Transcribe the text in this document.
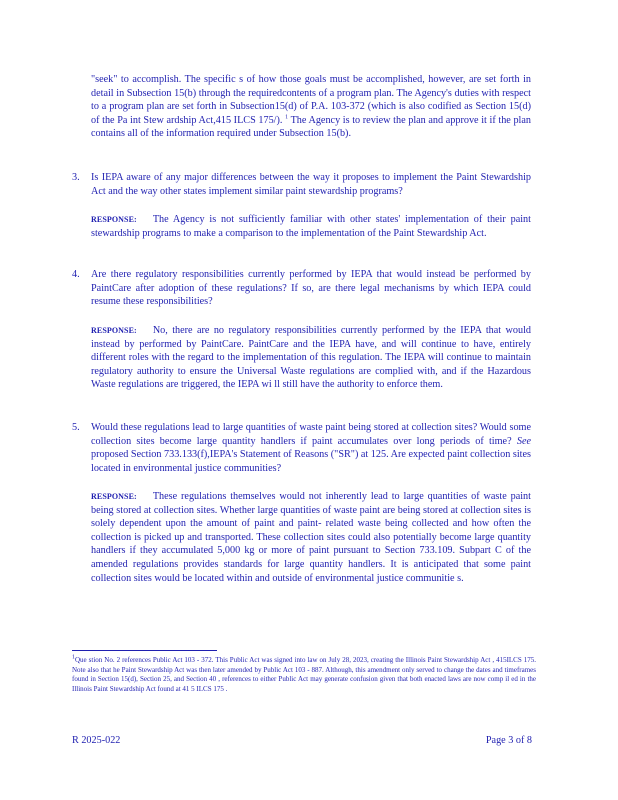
"seek" to accomplish. The specific s of how those goals must be accomplished, however, are set forth in detail in Subsection 15(b) through the requiredcontents of a program plan. The Agency's duties with respect to a program plan are set forth in Subsection15(d) of P.A. 103-372 (which is also codified as Section 15(d) of the Pa int Stew ardship Act,415 ILCS 175/). $^1$ The Agency is to review the plan and approve it if the plan contains all of the information required under Subsection 15(b).

3. Is IEPA aware of any major differences between the way it proposes to implement the Paint Stewardship Act and the way other states implement similar paint stewardship programs?

RESPONSE: The Agency is not sufficiently familiar with other states' implementation of their paint stewardship programs to make a comparison to the implementation of the Paint Stewardship Act.

4. Are there regulatory responsibilities currently performed by IEPA that would instead be performed by PaintCare after adoption of these regulations? If so, are there legal mechanisms by which IEPA could resume these responsibilities?

RESPONSE: No, there are no regulatory responsibilities currently performed by the IEPA that would instead by performed by PaintCare. PaintCare and the IEPA have, and will continue to have, entirely different roles with the regard to the implementation of this regulation. The IEPA will continue to maintain regulatory authority to ensure the Universal Waste regulations are complied with, and if the Hazardous Waste regulations are triggered, the IEPA wi ll still have the authority to enforce them.

5. Would these regulations lead to large quantities of waste paint being stored at collection sites? Would some collection sites become large quantity handlers if paint accumulates over long periods of time? See proposed Section 733.133(f),IEPA's Statement of Reasons ("SR") at 125. Are expected paint collection sites located in environmental justice communities?

RESPONSE: These regulations themselves would not inherently lead to large quantities of waste paint being stored at collection sites. Whether large quantities of waste paint are being stored at collection sites is solely dependent upon the amount of paint and paint- related waste being collected and how often the collection is picked up and transported. These collection sites could also potentially become large quantity handlers if they accumulated 5,000 kg or more of paint pursuant to Section 733.109. Subpart C of the amended regulations provides standards for large quantity handlers. It is anticipated that some paint collection sites would be located within and outside of environmental justice communitie s.

$^1$Que stion No. 2 references Public Act 103 - 372. This Public Act was signed into law on July 28, 2023, creating the Illinois Paint Stewardship Act , 415ILCS 175. Note also that he Paint Stewardship Act was then later amended by Public Act 103 - 887. Although, this amendment only served to change the dates and timeframes found in Section 15(d), Section 25, and Section 40 , references to either Public Act may generate confusion given that both enacted laws are now comp il ed in the Illinois Paint Stewardship Act found at 41 5 ILCS 175 .

R 2025-022	Page 3 of 8
